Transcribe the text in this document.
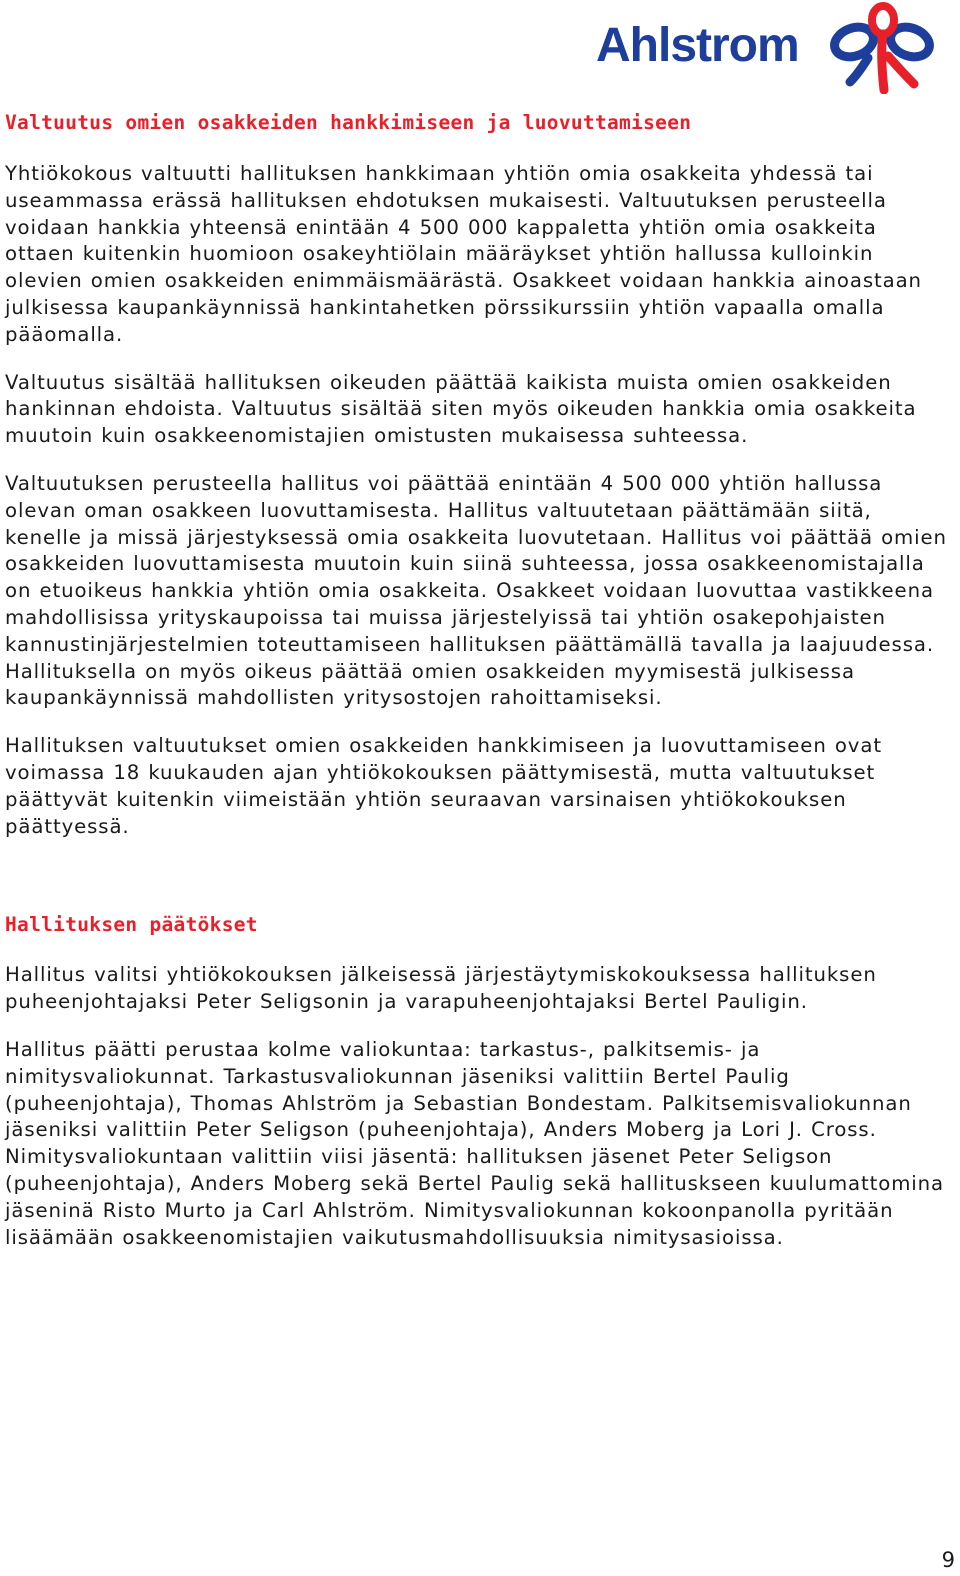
Ahlstrom
Valtuutus omien osakkeiden hankkimiseen ja luovuttamiseen

Yhtiökokous valtuutti hallituksen hankkimaan yhtiön omia osakkeita yhdessä tai useammassa erässä hallituksen ehdotuksen mukaisesti. Valtuutuksen perusteella voidaan hankkia yhteensä enintään 4 500 000 kappaletta yhtiön omia osakkeita ottaen kuitenkin huomioon osakeyhtiölain määräykset yhtiön hallussa kulloinkin olevien omien osakkeiden enimmäismäärästä. Osakkeet voidaan hankkia ainoastaan julkisessa kaupankäynnissä hankintahetken pörssikurssiin yhtiön vapaalla omalla pääomalla.

Valtuutus sisältää hallituksen oikeuden päättää kaikista muista omien osakkeiden hankinnan ehdoista. Valtuutus sisältää siten myös oikeuden hankkia omia osakkeita muutoin kuin osakkeenomistajien omistusten mukaisessa suhteessa.

Valtuutuksen perusteella hallitus voi päättää enintään 4 500 000 yhtiön hallussa olevan oman osakkeen luovuttamisesta. Hallitus valtuutetaan päättämään siitä, kenelle ja missä järjestyksessä omia osakkeita luovutetaan. Hallitus voi päättää omien osakkeiden luovuttamisesta muutoin kuin siinä suhteessa, jossa osakkeenomistajalla on etuoikeus hankkia yhtiön omia osakkeita. Osakkeet voidaan luovuttaa vastikkeena mahdollisissa yrityskaupoissa tai muissa järjestelyissä tai yhtiön osakepohjaisten kannustinjärjestelmien toteuttamiseen hallituksen päättämällä tavalla ja laajuudessa. Hallituksella on myös oikeus päättää omien osakkeiden myymisestä julkisessa kaupankäynnissä mahdollisten yritysostojen rahoittamiseksi.

Hallituksen valtuutukset omien osakkeiden hankkimiseen ja luovuttamiseen ovat voimassa 18 kuukauden ajan yhtiökokouksen päättymisestä, mutta valtuutukset päättyvät kuitenkin viimeistään yhtiön seuraavan varsinaisen yhtiökokouksen päättyessä.

Hallituksen päätökset

Hallitus valitsi yhtiökokouksen jälkeisessä järjestäytymiskokouksessa hallituksen puheenjohtajaksi Peter Seligsonin ja varapuheenjohtajaksi Bertel Pauligin.

Hallitus päätti perustaa kolme valiokuntaa: tarkastus-, palkitsemis- ja nimitysvaliokunnat. Tarkastusvaliokunnan jäseniksi valittiin Bertel Paulig (puheenjohtaja), Thomas Ahlström ja Sebastian Bondestam. Palkitsemisvaliokunnan jäseniksi valittiin Peter Seligson (puheenjohtaja), Anders Moberg ja Lori J. Cross. Nimitysvaliokuntaan valittiin viisi jäsentä: hallituksen jäsenet Peter Seligson (puheenjohtaja), Anders Moberg sekä Bertel Paulig sekä hallituskseen kuulumattomina jäseninä Risto Murto ja Carl Ahlström. Nimitysvaliokunnan kokoonpanolla pyritään lisäämään osakkeenomistajien vaikutusmahdollisuuksia nimitysasioissa.

9
